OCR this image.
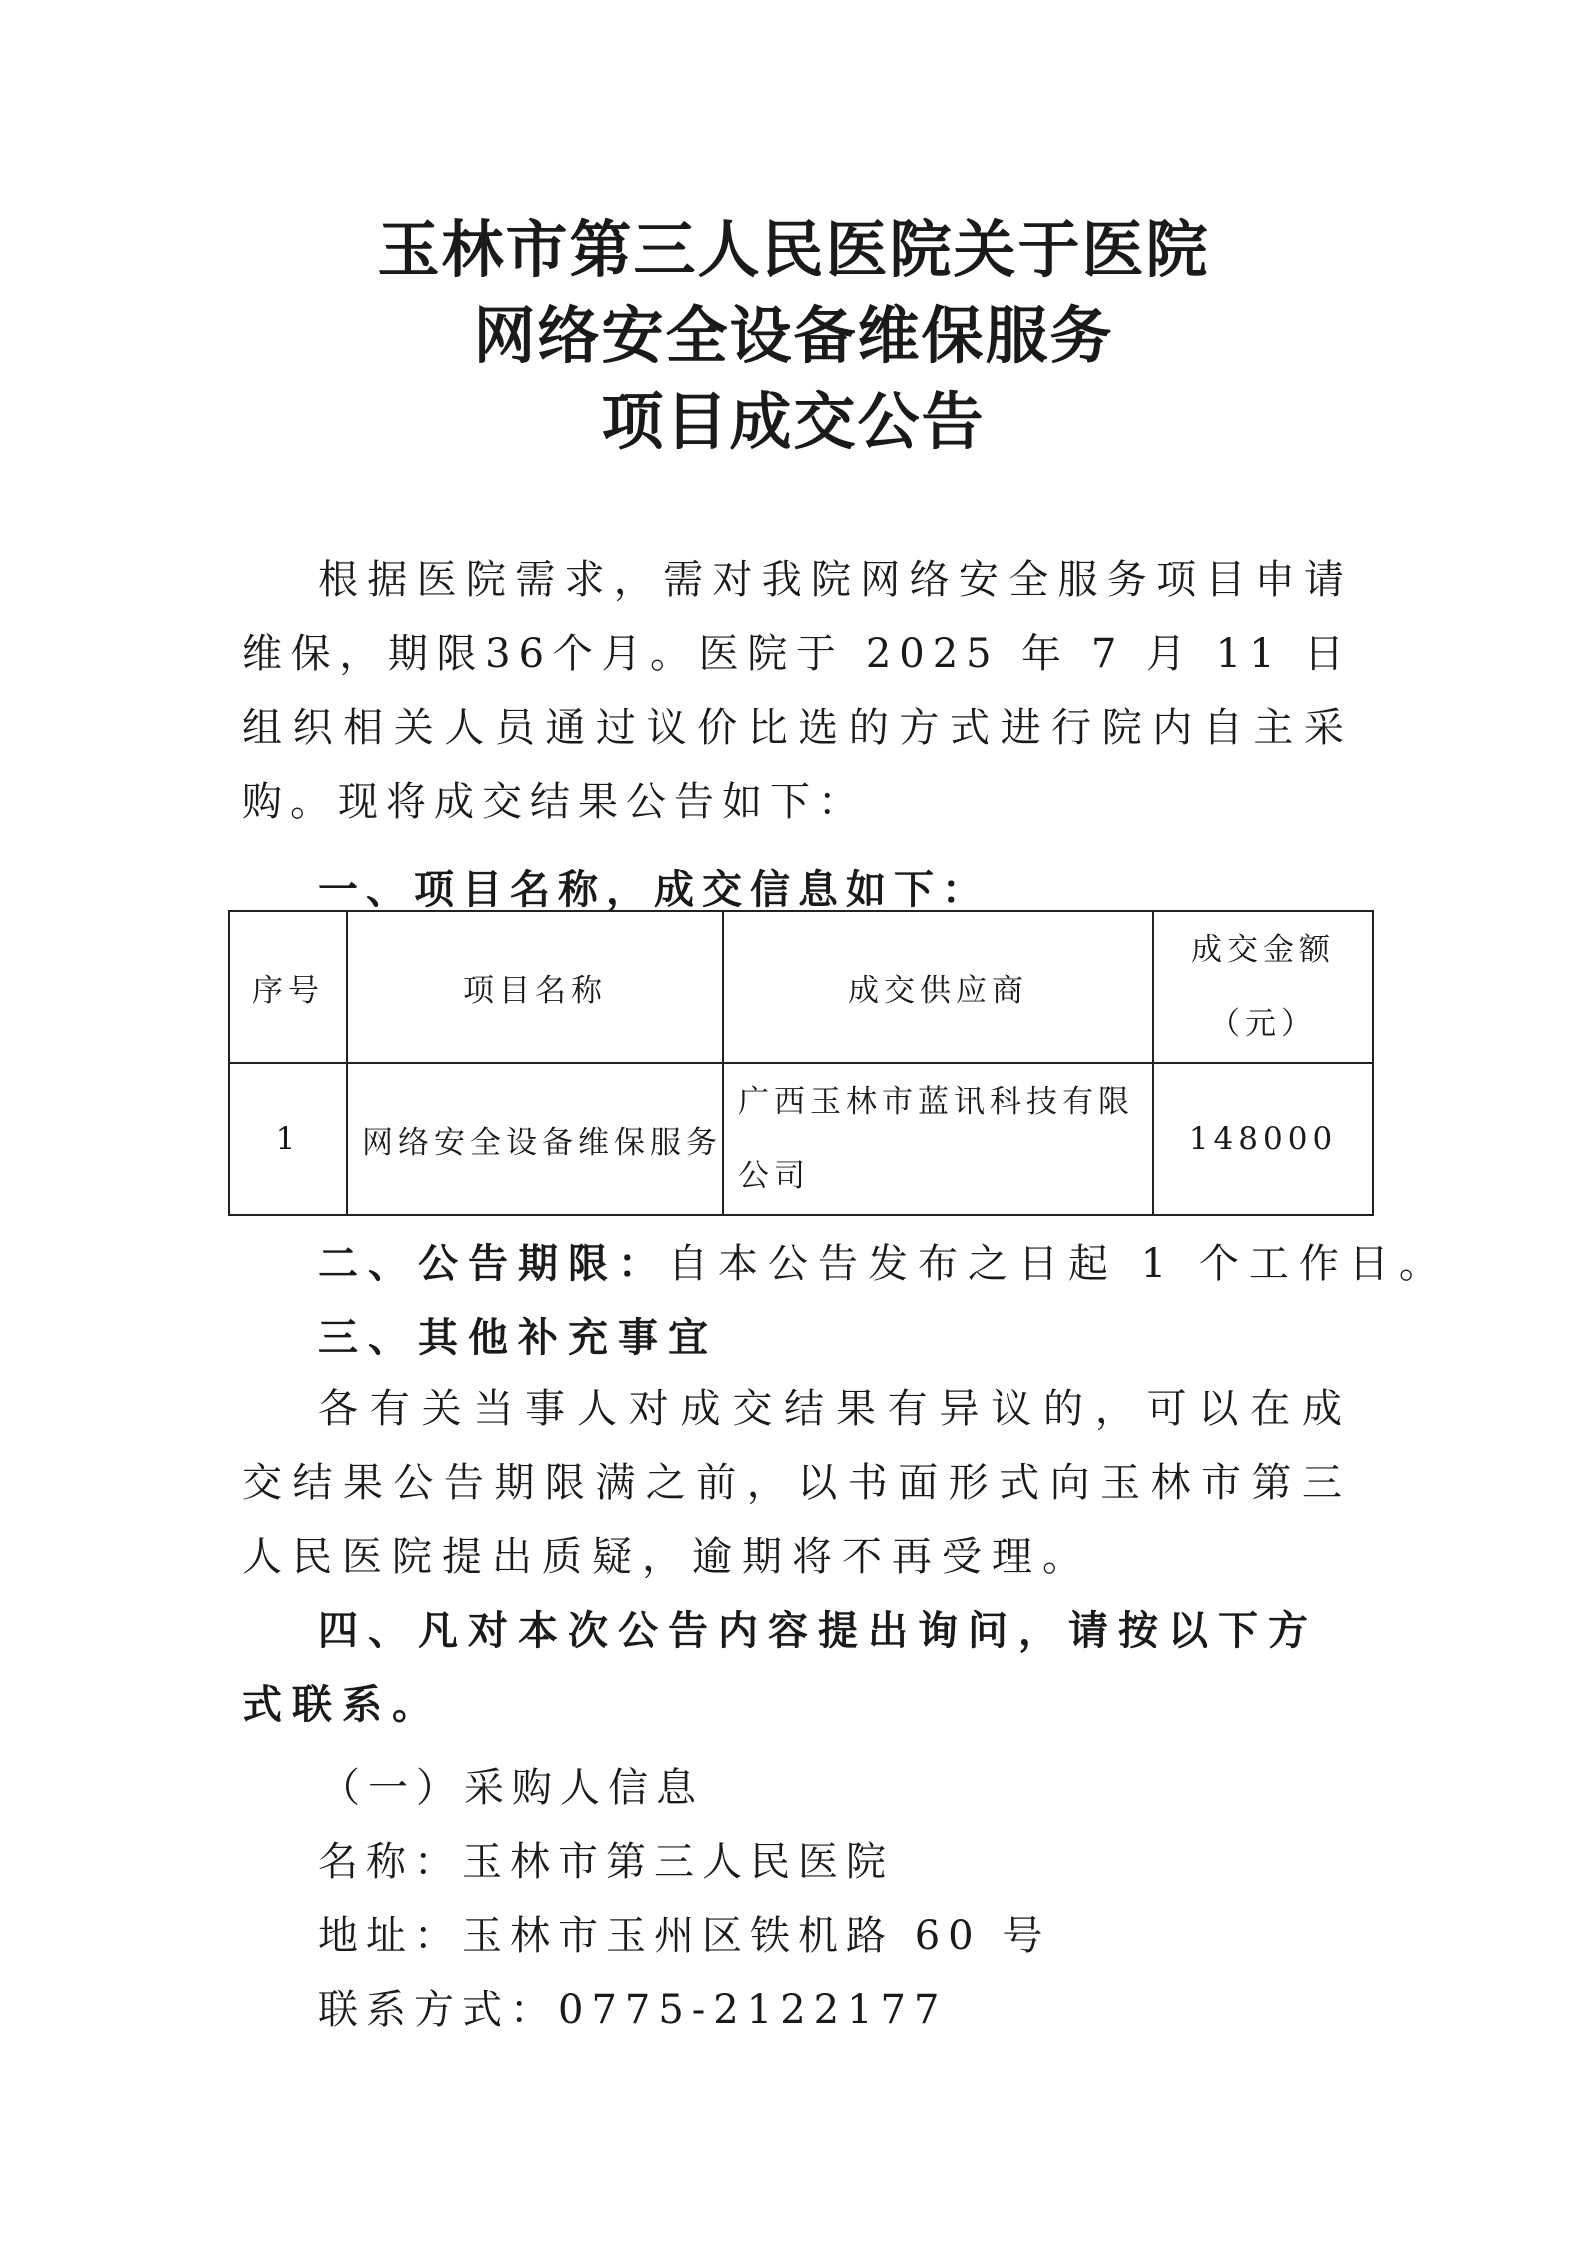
玉林市第三人民医院关于医院
网络安全设备维保服务
项目成交公告
根据医院需求，需对我院网络安全服务项目申请维保，期限36个月。医院于 2025 年 7 月 11 日组织相关人员通过议价比选的方式进行院内自主采购。现将成交结果公告如下：
一、项目名称，成交信息如下：
序号	项目名称	成交供应商	成交金额
（元）

1	网络安全设备维保服务	广西玉林市蓝讯科技有限公司	148000
二、公告期限：自本公告发布之日起 1 个工作日。
三、其他补充事宜
各有关当事人对成交结果有异议的，可以在成交结果公告期限满之前，以书面形式向玉林市第三人民医院提出质疑，逾期将不再受理。
四、凡对本次公告内容提出询问，请按以下方式联系。
（一）采购人信息
名称：玉林市第三人民医院
地址：玉林市玉州区铁机路 60 号
联系方式：0775-2122177
